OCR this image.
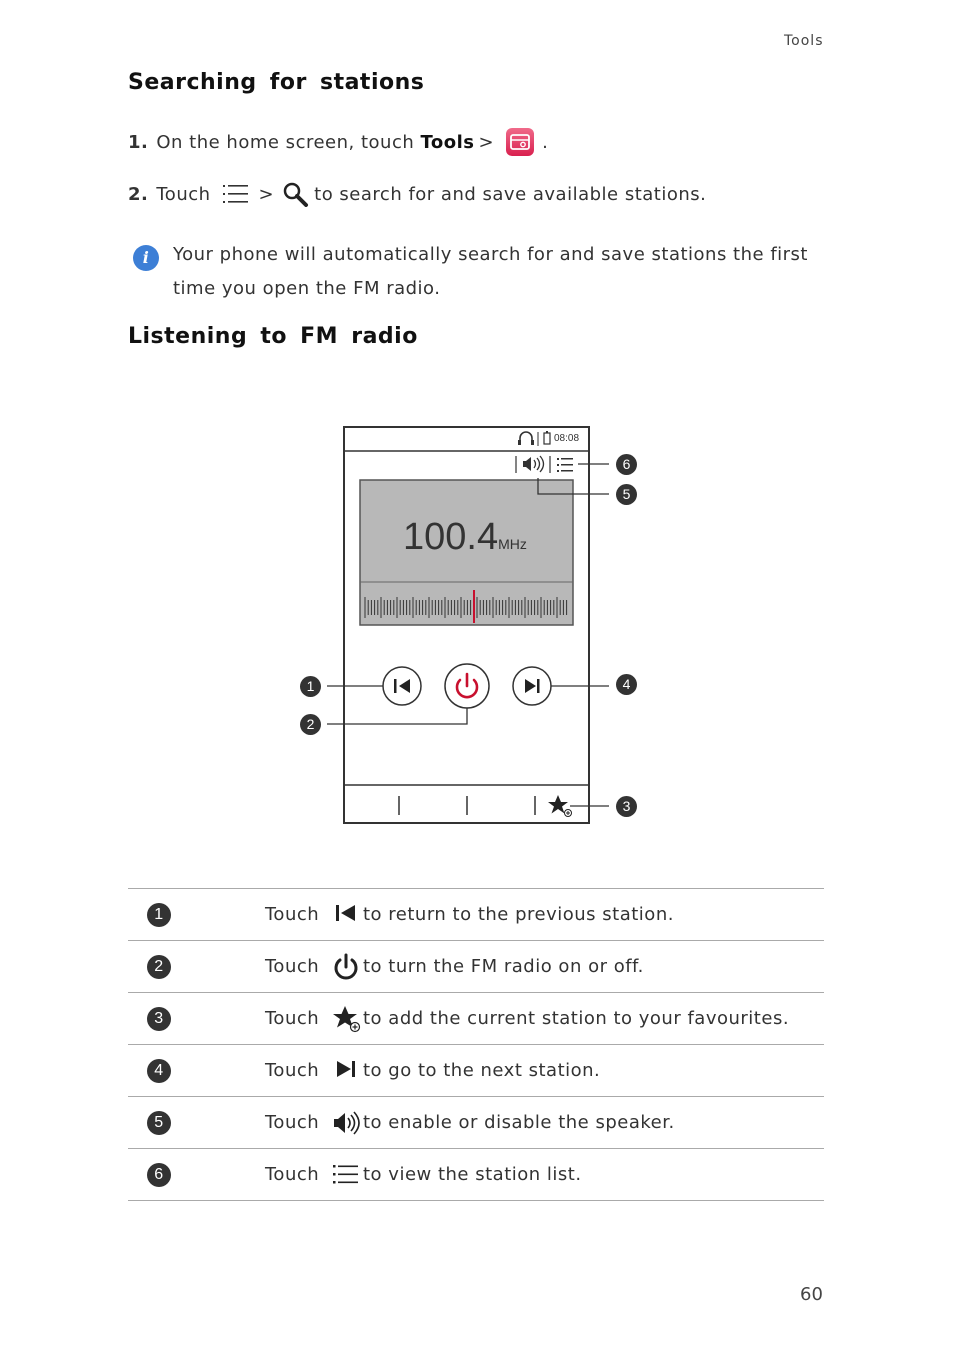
Tools
Searching for stations
1. On the home screen, touch
Tools >	.
2. Touch	> to search for and save available stations.
i	Your phone will automatically search for and save stations the first time you open the FM radio.
Listening to FM radio
08:08
100.4MHz
6
5
1	4
2
3
1	Touch to return to the previous station.

2	Touch to turn the FM radio on or off.

3	Touch to add the current station to your favourites.

4	Touch to go to the next station.

5	Touch to enable or disable the speaker.

6	Touch to view the station list.
60
